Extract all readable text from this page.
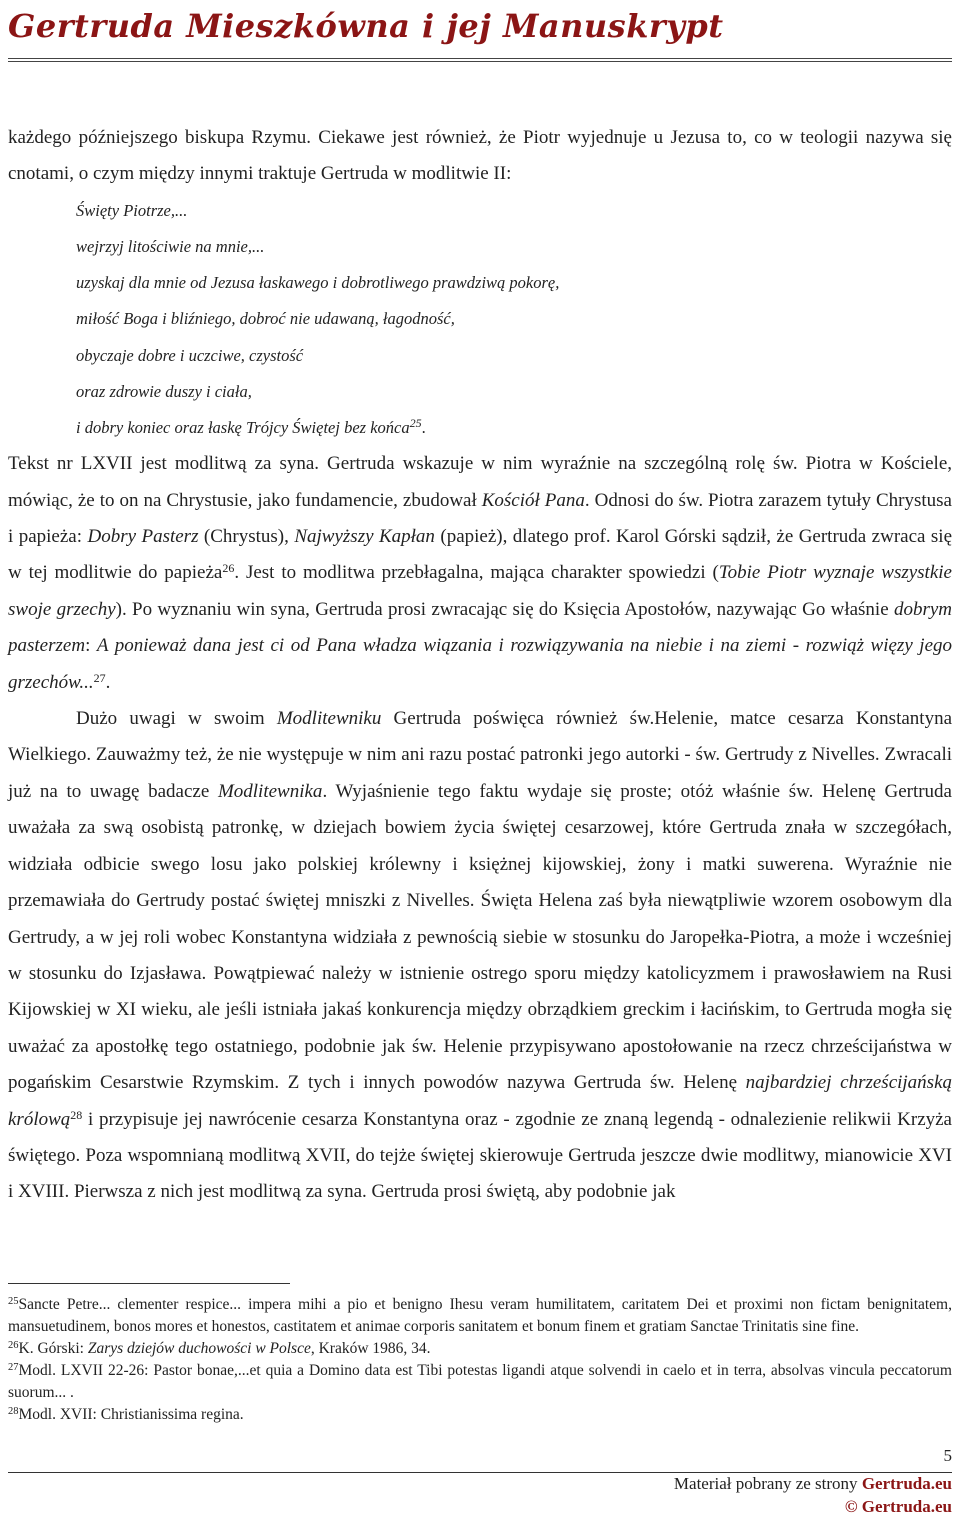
Gertruda Mieszkówna i jej Manuskrypt

każdego późniejszego biskupa Rzymu. Ciekawe jest również, że Piotr wyjednuje u Jezusa to, co w teologii nazywa się cnotami, o czym między innymi traktuje Gertruda w modlitwie II:

Święty Piotrze,...

wejrzyj litościwie na mnie,...

uzyskaj dla mnie od Jezusa łaskawego i dobrotliwego prawdziwą pokorę,

miłość Boga i bliźniego, dobroć nie udawaną, łagodność,

obyczaje dobre i uczciwe, czystość

oraz zdrowie duszy i ciała,

i dobry koniec oraz łaskę Trójcy Świętej bez końca$^{25}$.

Tekst nr LXVII jest modlitwą za syna. Gertruda wskazuje w nim wyraźnie na szczególną rolę św. Piotra w Kościele, mówiąc, że to on na Chrystusie, jako fundamencie, zbudował Kościół Pana. Odnosi do św. Piotra zarazem tytuły Chrystusa i papieża: Dobry Pasterz (Chrystus), Najwyższy Kapłan (papież), dlatego prof. Karol Górski sądził, że Gertruda zwraca się w tej modlitwie do papieża$^{26}$. Jest to modlitwa przebłagalna, mająca charakter spowiedzi (Tobie Piotr wyznaje wszystkie swoje grzechy). Po wyznaniu win syna, Gertruda prosi zwracając się do Księcia Apostołów, nazywając Go właśnie dobrym pasterzem: A ponieważ dana jest ci od Pana władza wiązania i rozwiązywania na niebie i na ziemi - rozwiąż więzy jego grzechów...$^{27}$.

Dużo uwagi w swoim Modlitewniku Gertruda poświęca również św.Helenie, matce cesarza Konstantyna Wielkiego. Zauważmy też, że nie występuje w nim ani razu postać patronki jego autorki - św. Gertrudy z Nivelles. Zwracali już na to uwagę badacze Modlitewnika. Wyjaśnienie tego faktu wydaje się proste; otóż właśnie św. Helenę Gertruda uważała za swą osobistą patronkę, w dziejach bowiem życia świętej cesarzowej, które Gertruda znała w szczegółach, widziała odbicie swego losu jako polskiej królewny i księżnej kijowskiej, żony i matki suwerena. Wyraźnie nie przemawiała do Gertrudy postać świętej mniszki z Nivelles. Święta Helena zaś była niewątpliwie wzorem osobowym dla Gertrudy, a w jej roli wobec Konstantyna widziała z pewnością siebie w stosunku do Jaropełka-Piotra, a może i wcześniej w stosunku do Izjasława. Powątpiewać należy w istnienie ostrego sporu między katolicyzmem i prawosławiem na Rusi Kijowskiej w XI wieku, ale jeśli istniała jakaś konkurencja między obrządkiem greckim i łacińskim, to Gertruda mogła się uważać za apostołkę tego ostatniego, podobnie jak św. Helenie przypisywano apostołowanie na rzecz chrześcijaństwa w pogańskim Cesarstwie Rzymskim. Z tych i innych powodów nazywa Gertruda św. Helenę najbardziej chrześcijańską królową$^{28}$ i przypisuje jej nawrócenie cesarza Konstantyna oraz - zgodnie ze znaną legendą - odnalezienie relikwii Krzyża świętego. Poza wspomnianą modlitwą XVII, do tejże świętej skierowuje Gertruda jeszcze dwie modlitwy, mianowicie XVI i XVIII. Pierwsza z nich jest modlitwą za syna. Gertruda prosi świętą, aby podobnie jak

$^{25}$Sancte Petre... clementer respice... impera mihi a pio et benigno Ihesu veram humilitatem, caritatem Dei et proximi non fictam benignitatem, mansuetudinem, bonos mores et honestos, castitatem et animae corporis sanitatem et bonum finem et gratiam Sanctae Trinitatis sine fine.

$^{26}$K. Górski: Zarys dziejów duchowości w Polsce, Kraków 1986, 34.

$^{27}$Modl. LXVII 22-26: Pastor bonae,...et quia a Domino data est Tibi potestas ligandi atque solvendi in caelo et in terra, absolvas vincula peccatorum suorum... .

$^{28}$Modl. XVII: Christianissima regina.

5
Materiał pobrany ze strony Gertruda.eu
© Gertruda.eu
